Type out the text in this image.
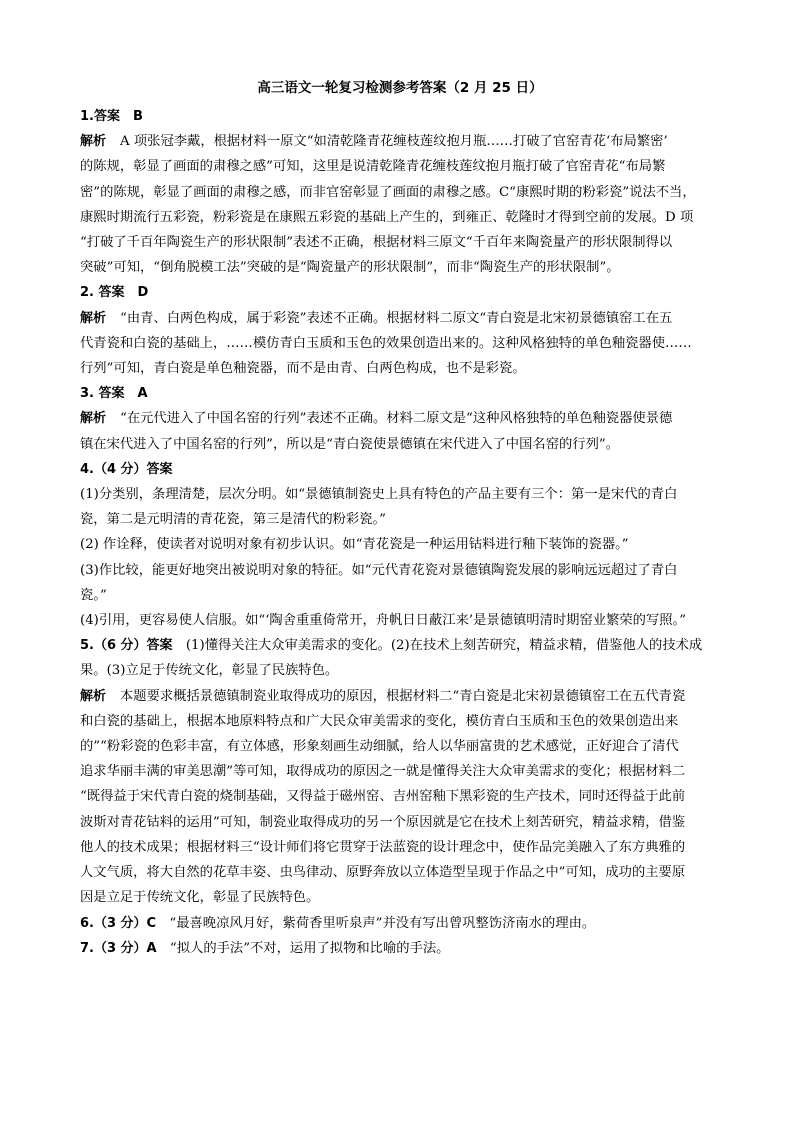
高三语文一轮复习检测参考答案（2 月 25 日）

1.答案　B

解析 A 项张冠李戴，根据材料一原文“如清乾隆青花缠枝莲纹抱月瓶……打破了官窑青花‘布局繁密’

的陈规，彰显了画面的肃穆之感”可知，这里是说清乾隆青花缠枝莲纹抱月瓶打破了官窑青花“布局繁

密”的陈规，彰显了画面的肃穆之感，而非官窑彰显了画面的肃穆之感。C“康熙时期的粉彩瓷”说法不当，

康熙时期流行五彩瓷，粉彩瓷是在康熙五彩瓷的基础上产生的，到雍正、乾隆时才得到空前的发展。D 项

“打破了千百年陶瓷生产的形状限制”表述不正确，根据材料三原文“千百年来陶瓷量产的形状限制得以

突破”可知，“倒角脱模工法”突破的是“陶瓷量产的形状限制”，而非“陶瓷生产的形状限制”。

2. 答案　D

解析 “由青、白两色构成，属于彩瓷”表述不正确。根据材料二原文“青白瓷是北宋初景德镇窑工在五

代青瓷和白瓷的基础上，……模仿青白玉质和玉色的效果创造出来的。这种风格独特的单色釉瓷器使……

行列”可知，青白瓷是单色釉瓷器，而不是由青、白两色构成，也不是彩瓷。

3. 答案　A

解析 “在元代进入了中国名窑的行列”表述不正确。材料二原文是“这种风格独特的单色釉瓷器使景德

镇在宋代进入了中国名窑的行列”，所以是“青白瓷使景德镇在宋代进入了中国名窑的行列”。

4.（4 分）答案

(1)分类别，条理清楚，层次分明。如“景德镇制瓷史上具有特色的产品主要有三个：第一是宋代的青白

瓷，第二是元明清的青花瓷，第三是清代的粉彩瓷。”

(2) 作诠释，使读者对说明对象有初步认识。如“青花瓷是一种运用钴料进行釉下装饰的瓷器。”

(3)作比较，能更好地突出被说明对象的特征。如“元代青花瓷对景德镇陶瓷发展的影响远远超过了青白

瓷。”

(4)引用，更容易使人信服。如“‘陶舍重重倚常开，舟帆日日蔽江来’是景德镇明清时期窑业繁荣的写照。”

5.（6 分）答案　 (1)懂得关注大众审美需求的变化。(2)在技术上刻苦研究，精益求精，借鉴他人的技术成

果。(3)立足于传统文化，彰显了民族特色。

解析 本题要求概括景德镇制瓷业取得成功的原因，根据材料二“青白瓷是北宋初景德镇窑工在五代青瓷

和白瓷的基础上，根据本地原料特点和广大民众审美需求的变化，模仿青白玉质和玉色的效果创造出来

的”“粉彩瓷的色彩丰富，有立体感，形象刻画生动细腻，给人以华丽富贵的艺术感觉，正好迎合了清代

追求华丽丰满的审美思潮”等可知，取得成功的原因之一就是懂得关注大众审美需求的变化；根据材料二

“既得益于宋代青白瓷的烧制基础，又得益于磁州窑、吉州窑釉下黑彩瓷的生产技术，同时还得益于此前

波斯对青花钴料的运用”可知，制瓷业取得成功的另一个原因就是它在技术上刻苦研究，精益求精，借鉴

他人的技术成果；根据材料三“设计师们将它贯穿于法蓝瓷的设计理念中，使作品完美融入了东方典雅的

人文气质，将大自然的花草丰姿、虫鸟律动、原野奔放以立体造型呈现于作品之中”可知，成功的主要原

因是立足于传统文化，彰显了民族特色。

6.（3 分）C　 “最喜晚凉风月好，紫荷香里听泉声”并没有写出曾巩整饬济南水的理由。

7.（3 分）A　 “拟人的手法”不对，运用了拟物和比喻的手法。
